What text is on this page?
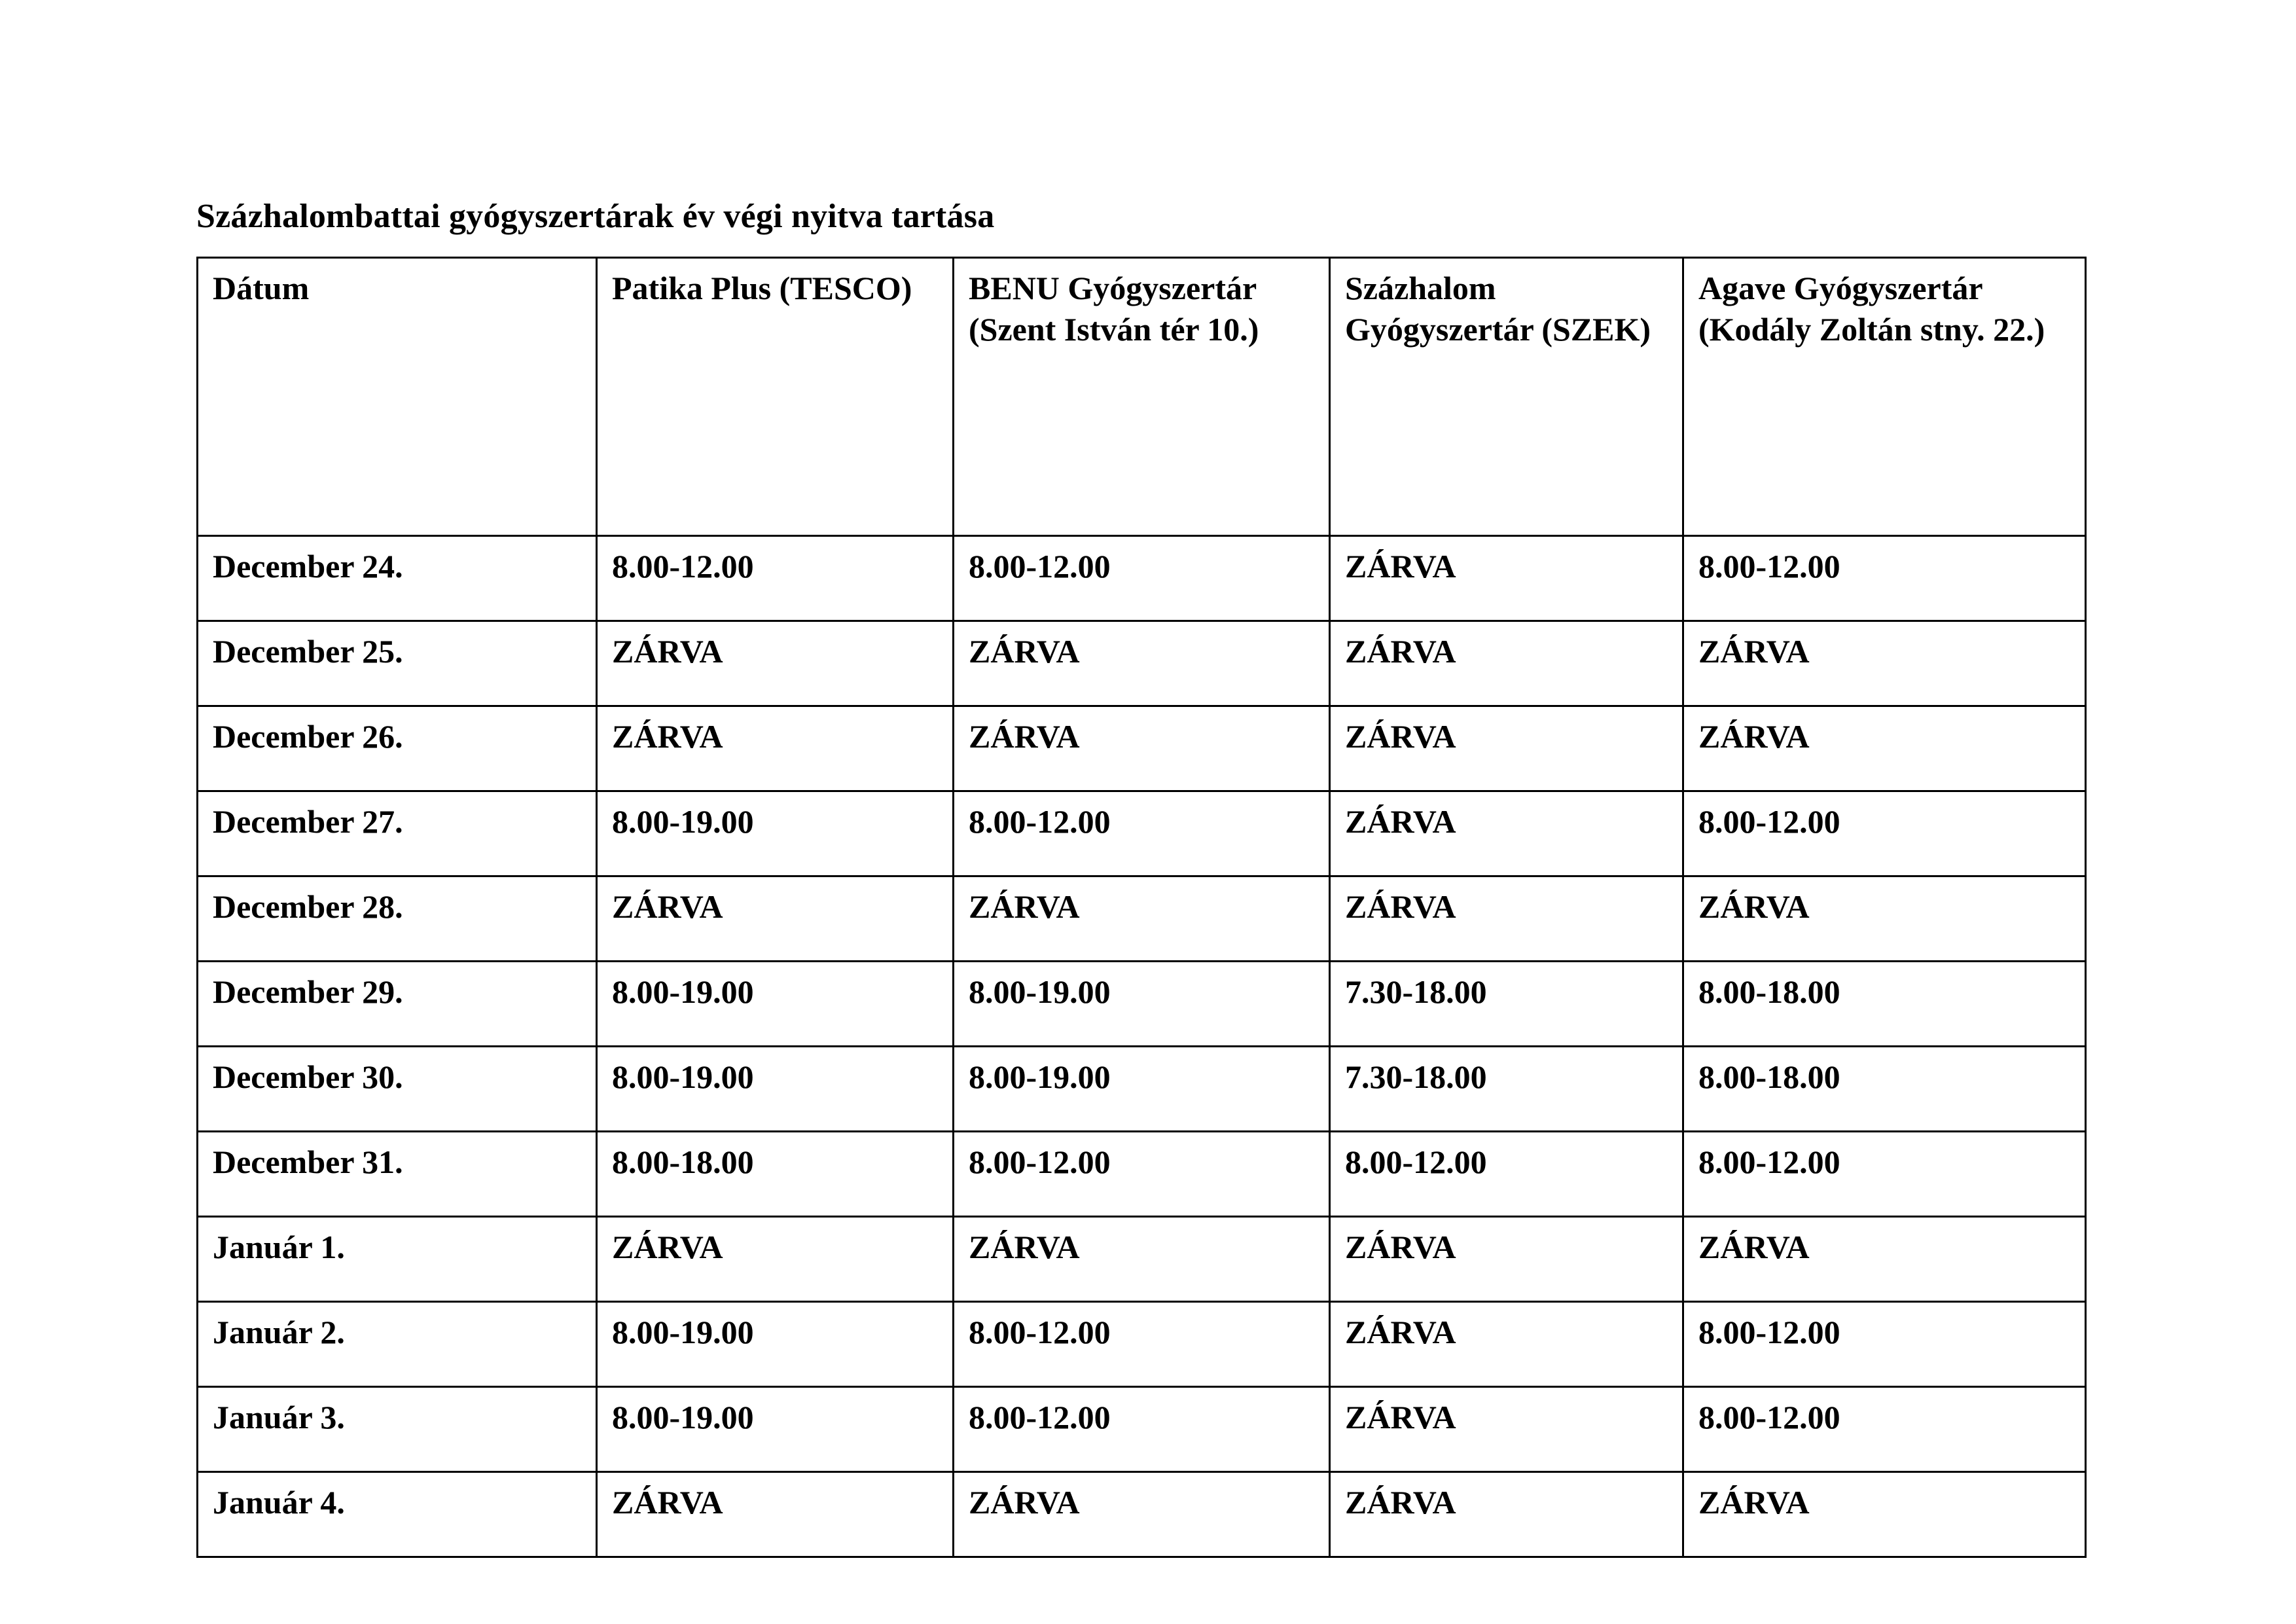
Százhalombattai gyógyszertárak év végi nyitva tartása
Dátum	Patika Plus (TESCO)	BENU Gyógyszertár (Szent István tér 10.)	Százhalom Gyógyszertár (SZEK)	Agave Gyógyszertár (Kodály Zoltán stny. 22.)
December 24.	8.00-12.00	8.00-12.00	ZÁRVA	8.00-12.00
December 25.	ZÁRVA	ZÁRVA	ZÁRVA	ZÁRVA
December 26.	ZÁRVA	ZÁRVA	ZÁRVA	ZÁRVA
December 27.	8.00-19.00	8.00-12.00	ZÁRVA	8.00-12.00
December 28.	ZÁRVA	ZÁRVA	ZÁRVA	ZÁRVA
December 29.	8.00-19.00	8.00-19.00	7.30-18.00	8.00-18.00
December 30.	8.00-19.00	8.00-19.00	7.30-18.00	8.00-18.00
December 31.	8.00-18.00	8.00-12.00	8.00-12.00	8.00-12.00
Január 1.	ZÁRVA	ZÁRVA	ZÁRVA	ZÁRVA
Január 2.	8.00-19.00	8.00-12.00	ZÁRVA	8.00-12.00
Január 3.	8.00-19.00	8.00-12.00	ZÁRVA	8.00-12.00
Január 4.	ZÁRVA	ZÁRVA	ZÁRVA	ZÁRVA
